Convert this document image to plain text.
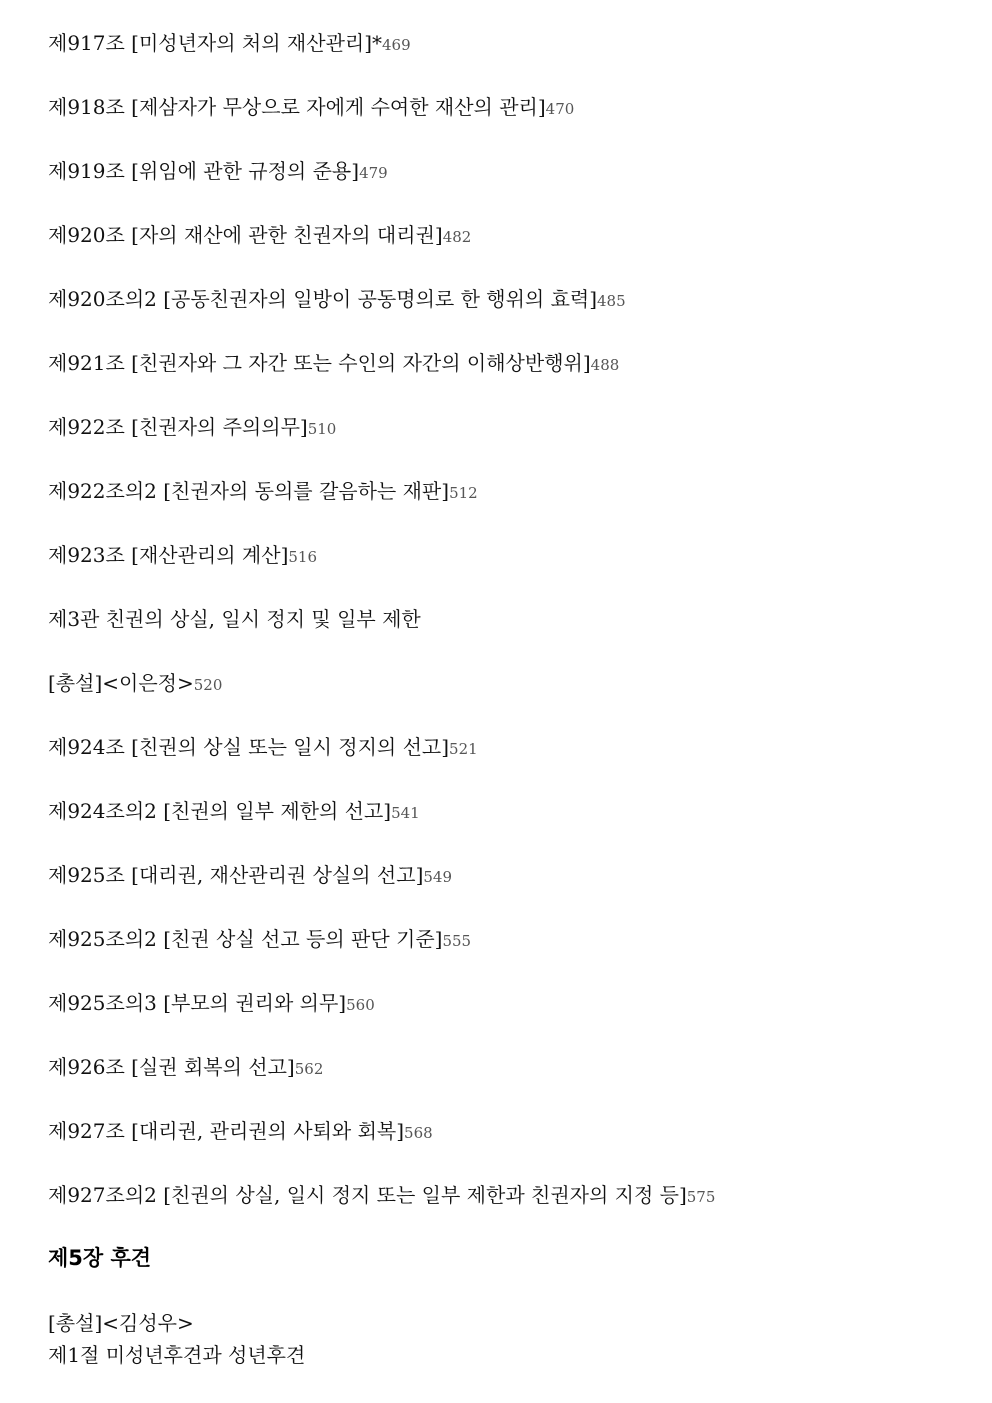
제917조 [미성년자의 처의 재산관리]*469
제918조 [제삼자가 무상으로 자에게 수여한 재산의 관리]470
제919조 [위임에 관한 규정의 준용]479
제920조 [자의 재산에 관한 친권자의 대리권]482
제920조의2 [공동친권자의 일방이 공동명의로 한 행위의 효력]485
제921조 [친권자와 그 자간 또는 수인의 자간의 이해상반행위]488
제922조 [친권자의 주의의무]510
제922조의2 [친권자의 동의를 갈음하는 재판]512
제923조 [재산관리의 계산]516
제3관 친권의 상실, 일시 정지 및 일부 제한
[총설]<이은정>520
제924조 [친권의 상실 또는 일시 정지의 선고]521
제924조의2 [친권의 일부 제한의 선고]541
제925조 [대리권, 재산관리권 상실의 선고]549
제925조의2 [친권 상실 선고 등의 판단 기준]555
제925조의3 [부모의 권리와 의무]560
제926조 [실권 회복의 선고]562
제927조 [대리권, 관리권의 사퇴와 회복]568
제927조의2 [친권의 상실, 일시 정지 또는 일부 제한과 친권자의 지정 등]575
제5장 후견
[총설]<김성우>
제1절 미성년후견과 성년후견
